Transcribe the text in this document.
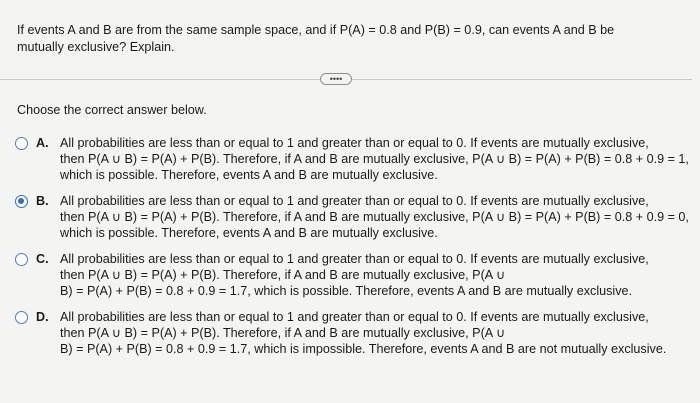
If events A and B are from the same sample space, and if P(A) = 0.8 and P(B) = 0.9, can events A and B be
mutually exclusive? Explain.
••••
Choose the correct answer below.
A. All probabilities are less than or equal to 1 and greater than or equal to 0. If events are mutually exclusive,
then P(A ∪ B) = P(A) + P(B). Therefore, if A and B are mutually exclusive, P(A ∪ B) = P(A) + P(B) = 0.8 + 0.9 = 1,
which is possible. Therefore, events A and B are mutually exclusive.
B. All probabilities are less than or equal to 1 and greater than or equal to 0. If events are mutually exclusive,
then P(A ∪ B) = P(A) + P(B). Therefore, if A and B are mutually exclusive, P(A ∪ B) = P(A) + P(B) = 0.8 + 0.9 = 0,
which is possible. Therefore, events A and B are mutually exclusive.
C. All probabilities are less than or equal to 1 and greater than or equal to 0. If events are mutually exclusive,
then P(A ∪ B) = P(A) + P(B). Therefore, if A and B are mutually exclusive, P(A ∪
B) = P(A) + P(B) = 0.8 + 0.9 = 1.7, which is possible. Therefore, events A and B are mutually exclusive.
D. All probabilities are less than or equal to 1 and greater than or equal to 0. If events are mutually exclusive,
then P(A ∪ B) = P(A) + P(B). Therefore, if A and B are mutually exclusive, P(A ∪
B) = P(A) + P(B) = 0.8 + 0.9 = 1.7, which is impossible. Therefore, events A and B are not mutually exclusive.
